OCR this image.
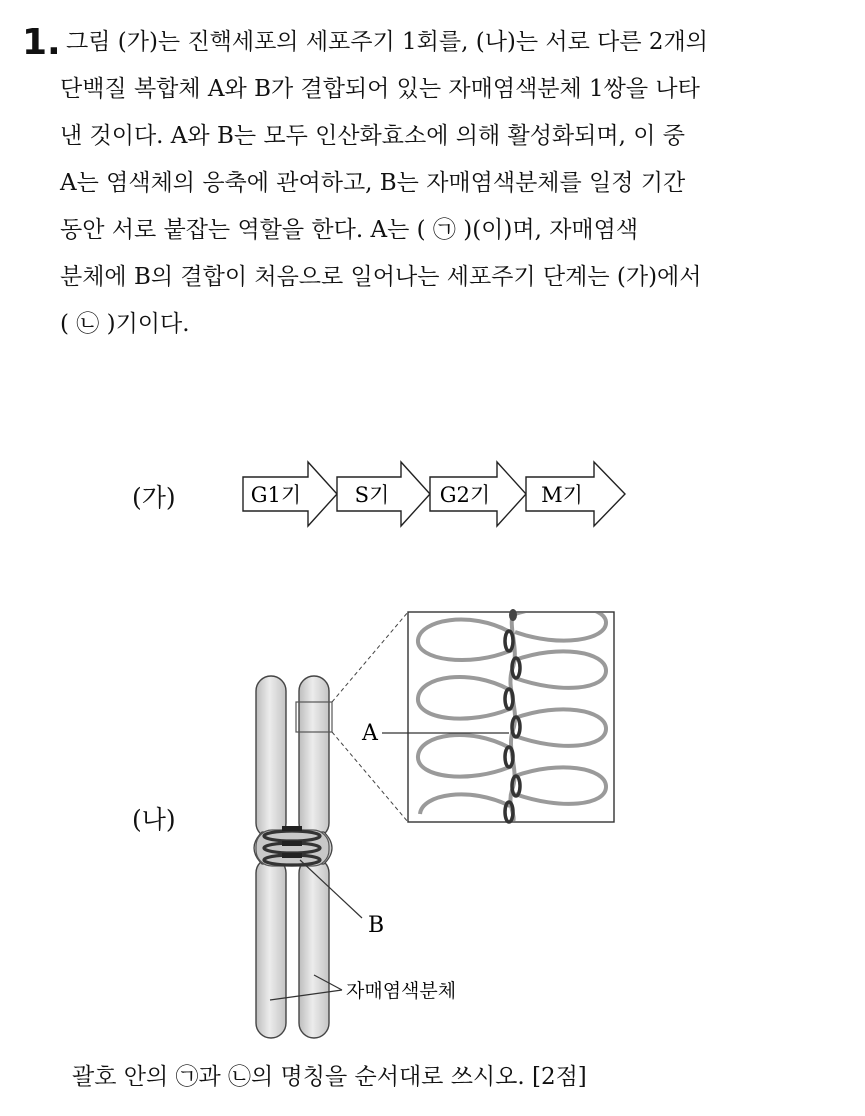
1. 그림 (가)는 진핵세포의 세포주기 1회를, (나)는 서로 다른 2개의
단백질 복합체 A와 B가 결합되어 있는 자매염색분체 1쌍을 나타
낸 것이다. A와 B는 모두 인산화효소에 의해 활성화되며, 이 중
A는 염색체의 응축에 관여하고, B는 자매염색분체를 일정 기간
동안 서로 붙잡는 역할을 한다. A는 ( ㉠ )(이)며, 자매염색
분체에 B의 결합이 처음으로 일어나는 세포주기 단계는 (가)에서
( ㉡ )기이다.
(가)	G1기	S기 G2기 M기
(나)
A
B
자매염색분체
괄호 안의 ㉠과 ㉡의 명칭을 순서대로 쓰시오. [2점]
